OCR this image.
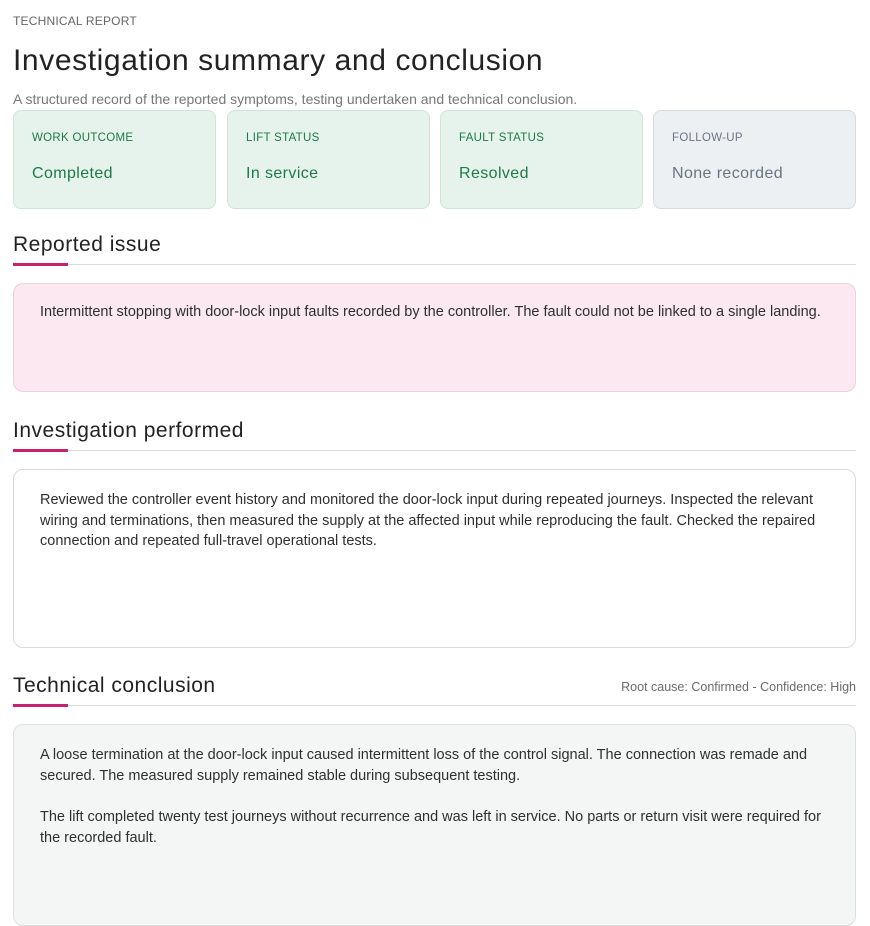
TECHNICAL REPORT
Investigation summary and conclusion
A structured record of the reported symptoms, testing undertaken and technical conclusion.
WORK OUTCOME
Completed
LIFT STATUS
In service
FAULT STATUS
Resolved
FOLLOW-UP
None recorded
Reported issue

Intermittent stopping with door-lock input faults recorded by the controller. The fault could not be linked to a single landing.

Investigation performed

Reviewed the controller event history and monitored the door-lock input during repeated journeys. Inspected the relevant wiring and terminations, then measured the supply at the affected input while reproducing the fault. Checked the repaired connection and repeated full-travel operational tests.

Technical conclusion	Root cause: Confirmed - Confidence: High

A loose termination at the door-lock input caused intermittent loss of the control signal. The connection was remade and secured. The measured supply remained stable during subsequent testing.

The lift completed twenty test journeys without recurrence and was left in service. No parts or return visit were required for the recorded fault.
